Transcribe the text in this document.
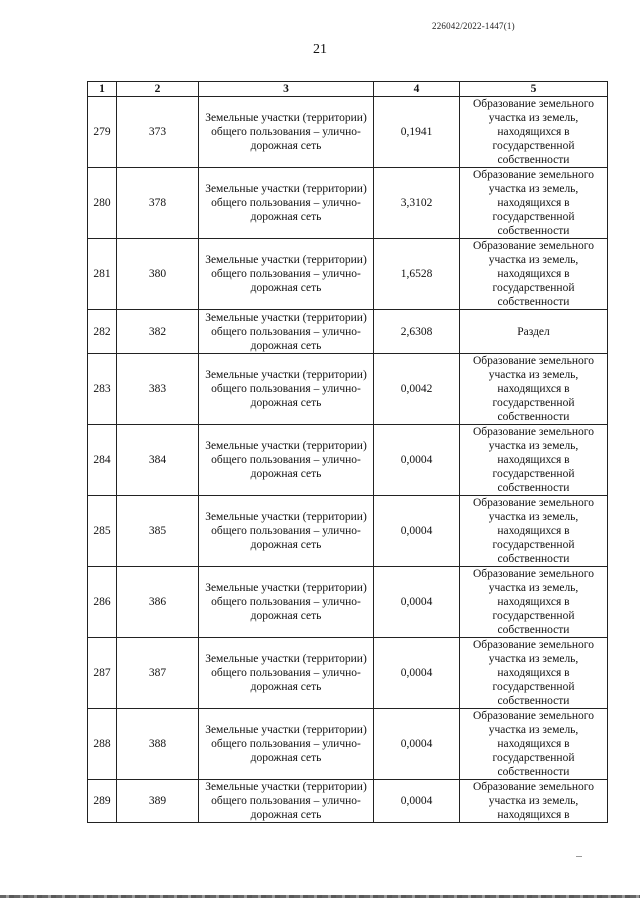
226042/2022-1447(1)
21
1	2	3	4	5
279	373	Земельные участки (территории) общего пользования – улично-дорожная сеть	0,1941	Образование земельного участка из земель, находящихся в государственной собственности
280	378	Земельные участки (территории) общего пользования – улично-дорожная сеть	3,3102	Образование земельного участка из земель, находящихся в государственной собственности
281	380	Земельные участки (территории) общего пользования – улично-дорожная сеть	1,6528	Образование земельного участка из земель, находящихся в государственной собственности
282	382	Земельные участки (территории) общего пользования – улично-дорожная сеть	2,6308	Раздел
283	383	Земельные участки (территории) общего пользования – улично-дорожная сеть	0,0042	Образование земельного участка из земель, находящихся в государственной собственности
284	384	Земельные участки (территории) общего пользования – улично-дорожная сеть	0,0004	Образование земельного участка из земель, находящихся в государственной собственности
285	385	Земельные участки (территории) общего пользования – улично-дорожная сеть	0,0004	Образование земельного участка из земель, находящихся в государственной собственности
286	386	Земельные участки (территории) общего пользования – улично-дорожная сеть	0,0004	Образование земельного участка из земель, находящихся в государственной собственности
287	387	Земельные участки (территории) общего пользования – улично-дорожная сеть	0,0004	Образование земельного участка из земель, находящихся в государственной собственности
288	388	Земельные участки (территории) общего пользования – улично-дорожная сеть	0,0004	Образование земельного участка из земель, находящихся в государственной собственности
289	389	Земельные участки (территории) общего пользования – улично-дорожная сеть	0,0004	Образование земельного участка из земель, находящихся в
